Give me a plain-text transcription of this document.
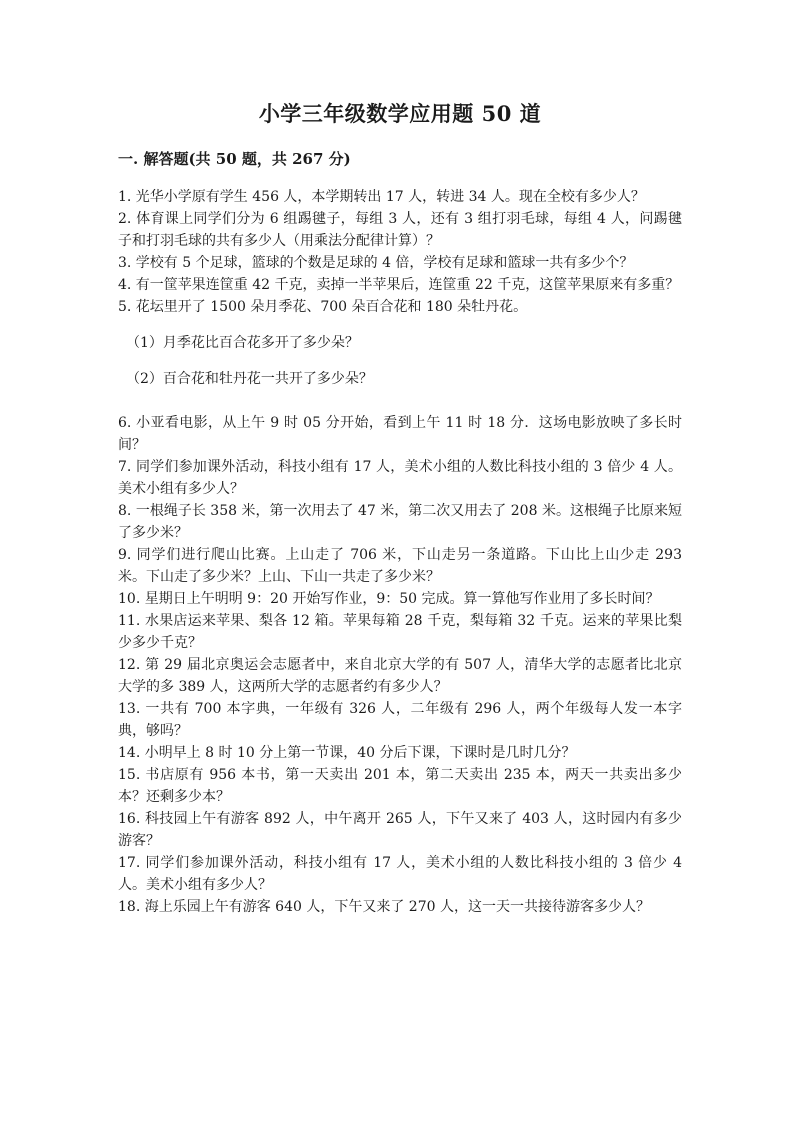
小学三年级数学应用题 50 道
一. 解答题(共 50 题，共 267 分)

1. 光华小学原有学生 456 人，本学期转出 17 人，转进 34 人。现在全校有多少人？

2. 体育课上同学们分为 6 组踢毽子，每组 3 人，还有 3 组打羽毛球，每组 4 人，问踢毽子和打羽毛球的共有多少人（用乘法分配律计算）？

3. 学校有 5 个足球，篮球的个数是足球的 4 倍，学校有足球和篮球一共有多少个？

4. 有一筐苹果连筐重 42 千克，卖掉一半苹果后，连筐重 22 千克，这筐苹果原来有多重？

5. 花坛里开了 1500 朵月季花、700 朵百合花和 180 朵牡丹花。

（1）月季花比百合花多开了多少朵？

（2）百合花和牡丹花一共开了多少朵？

6. 小亚看电影，从上午 9 时 05 分开始，看到上午 11 时 18 分．这场电影放映了多长时间？

7. 同学们参加课外活动，科技小组有 17 人，美术小组的人数比科技小组的 3 倍少 4 人。美术小组有多少人？

8. 一根绳子长 358 米，第一次用去了 47 米，第二次又用去了 208 米。这根绳子比原来短了多少米？

9. 同学们进行爬山比赛。上山走了 706 米，下山走另一条道路。下山比上山少走 293 米。下山走了多少米？上山、下山一共走了多少米？

10. 星期日上午明明 9：20 开始写作业，9：50 完成。算一算他写作业用了多长时间？

11. 水果店运来苹果、梨各 12 箱。苹果每箱 28 千克，梨每箱 32 千克。运来的苹果比梨少多少千克？

12. 第 29 届北京奥运会志愿者中，来自北京大学的有 507 人，清华大学的志愿者比北京大学的多 389 人，这两所大学的志愿者约有多少人？

13. 一共有 700 本字典，一年级有 326 人，二年级有 296 人，两个年级每人发一本字典，够吗？

14. 小明早上 8 时 10 分上第一节课，40 分后下课，下课时是几时几分？

15. 书店原有 956 本书，第一天卖出 201 本，第二天卖出 235 本，两天一共卖出多少本？还剩多少本？

16. 科技园上午有游客 892 人，中午离开 265 人，下午又来了 403 人，这时园内有多少游客？

17. 同学们参加课外活动，科技小组有 17 人，美术小组的人数比科技小组的 3 倍少 4 人。美术小组有多少人？

18. 海上乐园上午有游客 640 人，下午又来了 270 人，这一天一共接待游客多少人？
